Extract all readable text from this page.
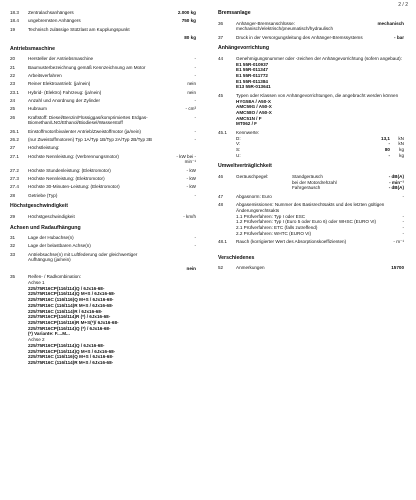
2 / 2
18.3	Zentralachsanhängers	2.000 kg
18.4	ungebremsten Anhängers	750 kg
19	Technisch zulässige Stützlast am Kupplungspunkt
80 kg
Antriebsmaschine
20	Hersteller der Antriebsmaschine	-
21	Baumusterbezeichnung gemäß Kennzeichnung am Motor	-
22	Arbeitsverfahren	-
23	Reiner Elektroantrieb: (ja/nein)	nein
23.1	Hybrid- (Elektro) Fahrzeug: (ja/nein)	nein
24	Anzahl und Anordnung der Zylinder	-
25	Hubraum	- cm³
26	Kraftstoff: Diesel/Benzin/Flüssiggas/komprimiertes Erdgas-Biomethan/LNG/Ethanol/Biodiesel/Wasserstoff
-
26.1	Einstoffmotor/bivalenter Antrieb/Zweistoffmotor (ja/nein)	-
26.2	(nur Zweistoffmotoren) Typ 1A/Typ 1B/Typ 2A/Typ 2B/Typ 3B	-
27	Höchstleistung:
27.1	Höchste Nennleistung: (Verbrennungsmotor)	- kW bei - min⁻¹
27.2	Höchste Stundenleistung: (Elektromotor)	- kW
27.3	Höchste Nennleistung: (Elektromotor)	- kW
27.4	Höchste 30-Minuten-Leistung: (Elektromotor)	- kW
28	Getriebe (Typ)	-
Höchstgeschwindigkeit
29	Höchstgeschwindigkeit	- km/h
Achsen und Radaufhängung
31	Lage der Hubachse(n)	-
32	Lage der belastbaren Achse(n)	-
33	Antriebsachse(n) mit Luftfederung oder gleichwertiger Aufhängung (ja/nein)
nein
35	Reifen- / Radkombination:
Achse 1
225/75R16CP(116/114)Q / 6Jx16-68-
225/75R16CP(116/114)Q M+S / 6Jx16-68-
225/75R16C (116/116)Q M+S / 6Jx16-68-
225/75R16C (116/114)R M+S / 6Jx16-68-
225/75R16C (116/114)R / 6Jx16-68-
225/75R16CP(116/114)R (*) / 6Jx16-68-
225/75R16CP(116/116)R M+S(*)/ 6Jx16-68-
225/75R16CP(116/114)Q (*) / 6Jx16-68-
(*) Variante: F....M...
Achse 2
225/75R16CP(116/114)Q / 6Jx16-68-
225/75R16CP(116/114)Q M+S / 6Jx16-68-
225/75R16C (116/116)Q M+S / 6Jx16-68-
225/75R16C (116/114)R M+S / 6Jx16-68-
Bremsanlage
36	Anhänger-Bremsanschlüsse: mechanisch/elektrisch/pneumatisch/hydraulisch
mechanisch
37	Druck in der Versorgungsleitung des Anhänger-Bremssystems	- bar
Anhängevorrichtung
44	Genehmigungsnummer oder -zeichen der Anhängevorrichtung (sofern angebaut):
E1 55R-010937
E1 55R-011347
E1 55R-011772
E1 55R-011384
E13 55R-013641
45	Typen oder Klassen von Anhängevorrichtungen, die angebracht werden können
HYG58A / A50-X
AMC59G / A50-X
AMC58O / A50-X
AMC51N / F
MT062 / F
45.1	Kennwerte:
D:	13,1	kN
V:	-	kN
S:	80	kg
U:	-	kg
Umweltverträglichkeit
46	Geräuschpegel:	Standgeräusch	- dB(A)
bei der Motordrehzahl	- min⁻¹
Fahrgeräusch	- dB(A)
47	Abgasnorm: Euro	-
48	Abgasemissionen: Nummer des Basisrechtsakts und des letzten gültigen Änderungsrechtsakts
1.1 Prüfverfahren: Typ I oder ESC	-
1.2 Prüfverfahren: Typ I (Euro 5 oder Euro 6) oder WHSC (EURO VI)	-
2.1 Prüfverfahren: ETC (falls zutreffend)	-
2.2 Prüfverfahren: WHTC (EURO VI)	-
48.1	Rauch (korrigierter Wert des Absorptionskoeffizienten)	- m⁻¹
Verschiedenes
52	Anmerkungen	15700
